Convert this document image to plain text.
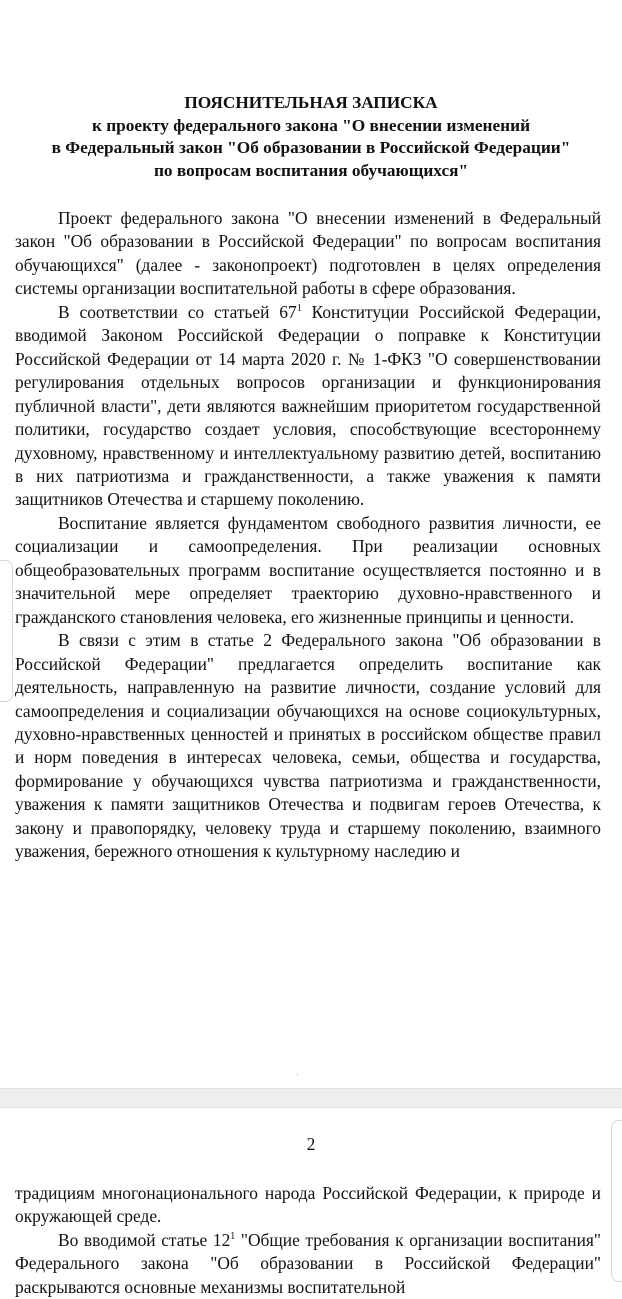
ПОЯСНИТЕЛЬНАЯ ЗАПИСКА
к проекту федерального закона "О внесении изменений
в Федеральный закон "Об образовании в Российской Федерации"
по вопросам воспитания обучающихся"

Проект федерального закона "О внесении изменений в Федеральный закон "Об образовании в Российской Федерации" по вопросам воспитания обучающихся" (далее - законопроект) подготовлен в целях определения системы организации воспитательной работы в сфере образования.

В соответствии со статьей $67^1$ Конституции Российской Федерации, вводимой Законом Российской Федерации о поправке к Конституции Российской Федерации от 14 марта 2020 г. № 1-ФКЗ "О совершенствовании регулирования отдельных вопросов организации и функционирования публичной власти", дети являются важнейшим приоритетом государственной политики, государство создает условия, способствующие всестороннему духовному, нравственному и интеллектуальному развитию детей, воспитанию в них патриотизма и гражданственности, а также уважения к памяти защитников Отечества и старшему поколению.

Воспитание является фундаментом свободного развития личности, ее социализации и самоопределения. При реализации основных общеобразовательных программ воспитание осуществляется постоянно и в значительной мере определяет траекторию духовно-нравственного и гражданского становления человека, его жизненные принципы и ценности.

В связи с этим в статье 2 Федерального закона "Об образовании в Российской Федерации" предлагается определить воспитание как деятельность, направленную на развитие личности, создание условий для самоопределения и социализации обучающихся на основе социокультурных, духовно-нравственных ценностей и принятых в российском обществе правил и норм поведения в интересах человека, семьи, общества и государства, формирование у обучающихся чувства патриотизма и гражданственности, уважения к памяти защитников Отечества и подвигам героев Отечества, к закону и правопорядку, человеку труда и старшему поколению, взаимного уважения, бережного отношения к культурному наследию и

˒
2

традициям многонационального народа Российской Федерации, к природе и окружающей среде.

Во вводимой статье $12^1$ "Общие требования к организации воспитания" Федерального закона "Об образовании в Российской Федерации" раскрываются основные механизмы воспитательной
